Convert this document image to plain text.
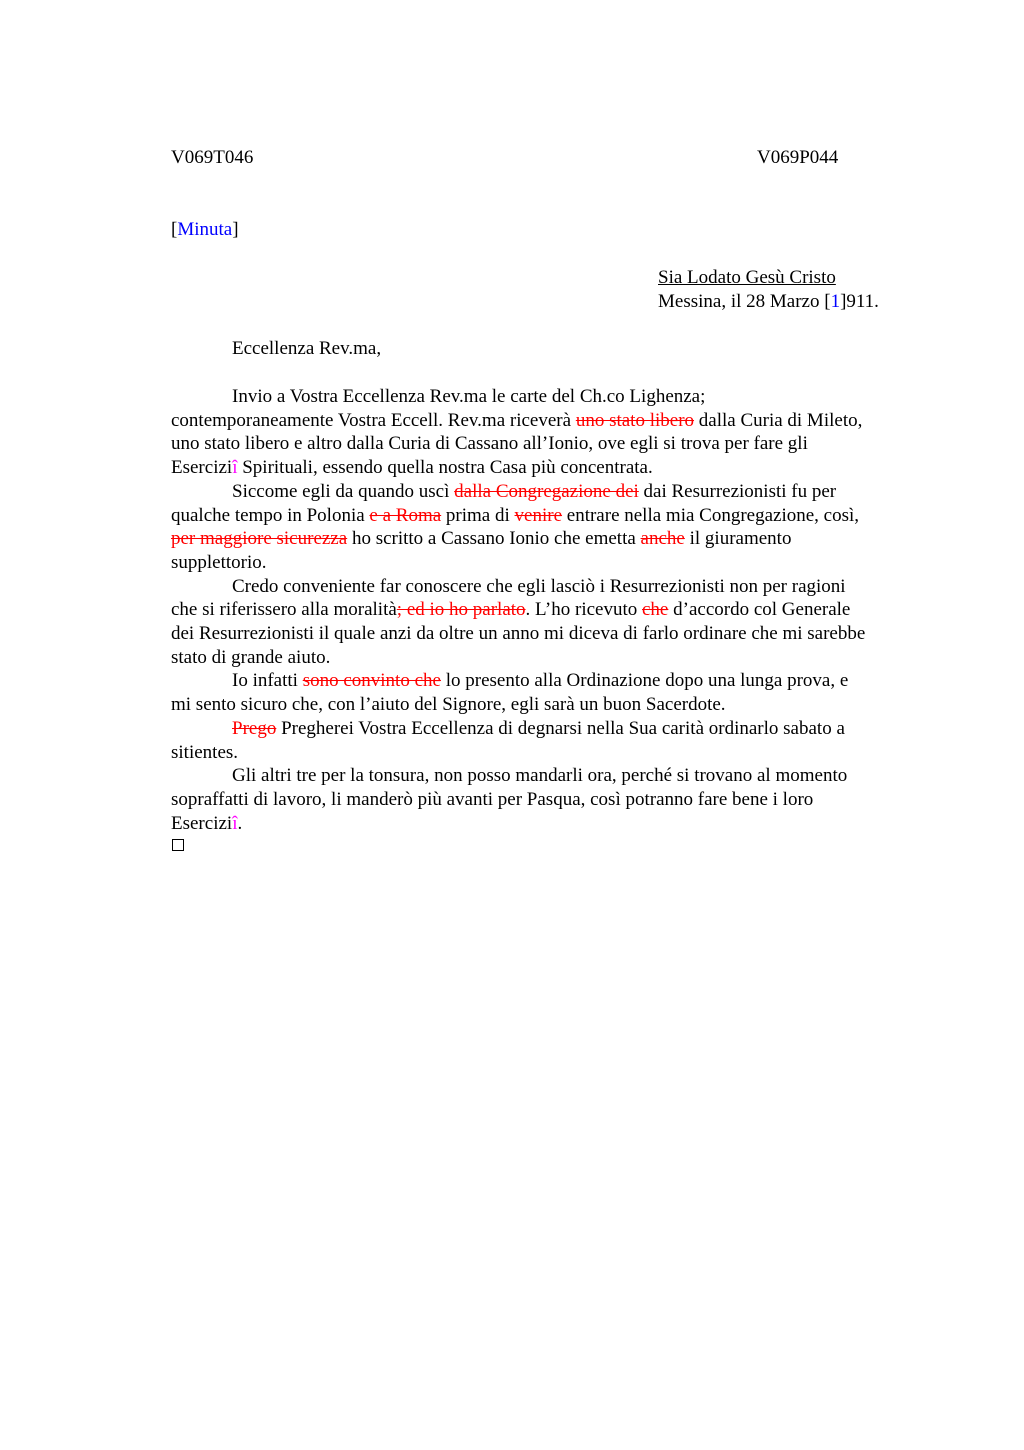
V069T046	V069P044
[Minuta]
Sia Lodato Gesù Cristo
Messina, il 28 Marzo [1]911.
Eccellenza Rev.ma,
Invio a Vostra Eccellenza Rev.ma le carte del Ch.co Lighenza;
contemporaneamente Vostra Eccell. Rev.ma riceverà uno stato libero dalla Curia di Mileto,
uno stato libero e altro dalla Curia di Cassano all’Ionio, ove egli si trova per fare gli
Eserciziî Spirituali, essendo quella nostra Casa più concentrata.
Siccome egli da quando uscì dalla Congregazione dei dai Resurrezionisti fu per
qualche tempo in Polonia e a Roma prima di venire entrare nella mia Congregazione, così,
per maggiore sicurezza ho scritto a Cassano Ionio che emetta anche il giuramento
supplettorio.
Credo conveniente far conoscere che egli lasciò i Resurrezionisti non per ragioni
che si riferissero alla moralità; ed io ho parlato. L’ho ricevuto che d’accordo col Generale
dei Resurrezionisti il quale anzi da oltre un anno mi diceva di farlo ordinare che mi sarebbe
stato di grande aiuto.
Io infatti sono convinto che lo presento alla Ordinazione dopo una lunga prova, e
mi sento sicuro che, con l’aiuto del Signore, egli sarà un buon Sacerdote.
Prego Pregherei Vostra Eccellenza di degnarsi nella Sua carità ordinarlo sabato a
sitientes.
Gli altri tre per la tonsura, non posso mandarli ora, perché si trovano al momento
sopraffatti di lavoro, li manderò più avanti per Pasqua, così potranno fare bene i loro
Eserciziî.
